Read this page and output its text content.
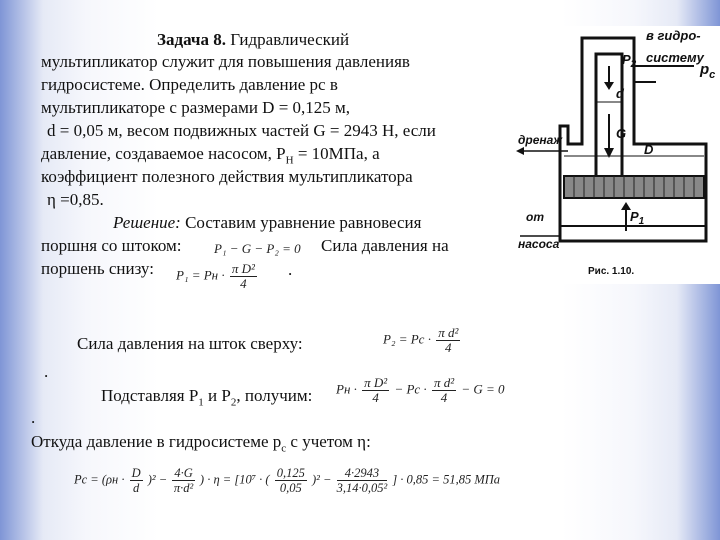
Задача 8. Гидравлический
мультипликатор служит для повышения давленияв
гидросистеме. Определить давление pc в
мультипликаторе с размерами D = 0,125 м,
d = 0,05 м, весом подвижных частей G = 2943 Н, если
давление, создаваемое насосом, $Р_Н = 10МПа$, а
коэффициент полезного действия мультипликатора
η =0,85.
Решение: Составим уравнение равновесия
поршня со штоком:	P₁ − G − P₂ = 0 Сила давления на
поршень снизу: P₁ = Pн · $\frac{\text{π D²}}{4}$ .
Сила давления на шток сверху:	$P_2 = Pc \cdot \frac{\text{π d²}}{4}$
.
Подставляя $Р_1$ и $Р_2$, получим: Pн · $\frac{\text{π D²}}{4} - Pc \cdot \frac{\text{π d²}}{4} - G = 0$
.
Откуда давление в гидросистеме $р_с$ с учетом η:
$Pc = (\rho н \cdot \frac{D}{d} )^2 - \frac{4\cdot G}{\text{π·d²}}$ ) · η = [10⁷ · ( $\frac{0,125}{0,05} )^2 - \frac{4\cdot 2943}{\text{3,14·0,05²}}$ ] · 0,85 = 51,85 МПа
в гидро-
систему
$p_c$
$P_2$
d
G
D
$P_1$
дренаж
от
насоса
Рис. 1.10.
